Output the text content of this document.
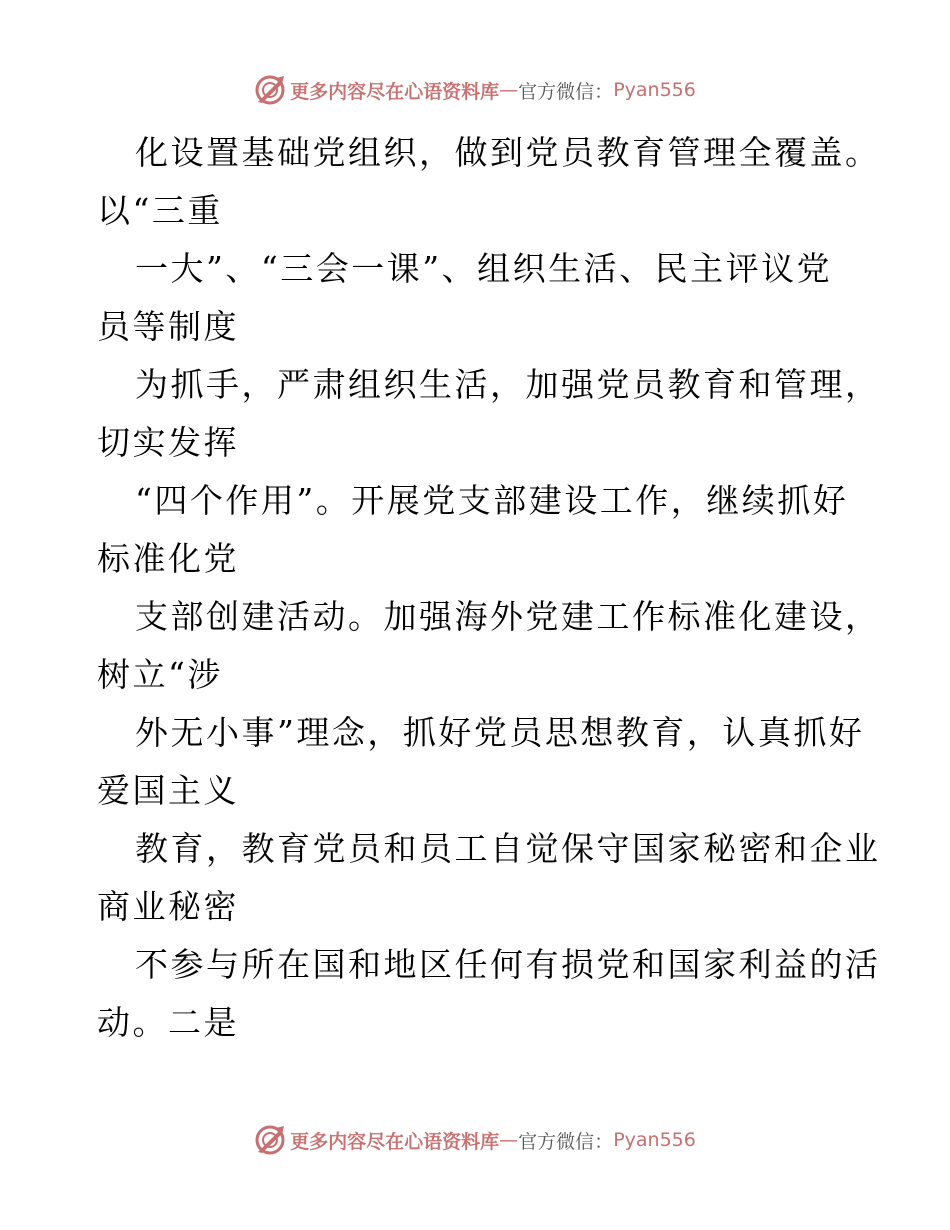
更多内容尽在心语资料库 — 官方微信： Pyan556
化设置基础党组织，做到党员教育管理全覆盖。
以“三重
一大”、“三会一课”、组织生活、民主评议党
员等制度
为抓手，严肃组织生活，加强党员教育和管理，
切实发挥
“四个作用”。开展党支部建设工作，继续抓好
标准化党
支部创建活动。加强海外党建工作标准化建设，
树立“涉
外无小事”理念，抓好党员思想教育，认真抓好
爱国主义
教育，教育党员和员工自觉保守国家秘密和企业
商业秘密
不参与所在国和地区任何有损党和国家利益的活
动。二是
更多内容尽在心语资料库 — 官方微信： Pyan556
